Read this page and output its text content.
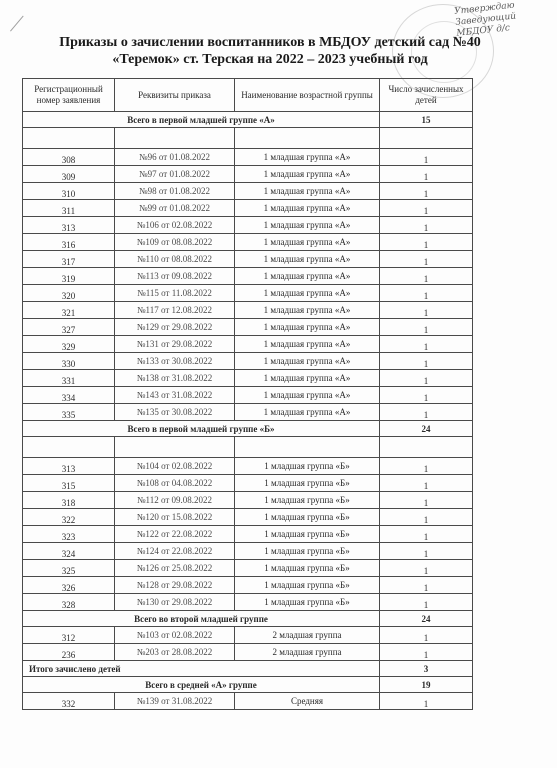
Утверждаю
Заведующий
МБДОУ д/с
Приказы о зачислении воспитанников в МБДОУ детский сад №40
«Теремок» ст. Терская на 2022 – 2023 учебный год
Регистрационный номер заявления	Реквизиты приказа	Наименование возрастной группы	Число зачисленных детей
Всего в первой младшей группе «А»			15

308	№96 от 01.08.2022	1 младшая группа «А»	1
309	№97 от 01.08.2022	1 младшая группа «А»	1
310	№98 от 01.08.2022	1 младшая группа «А»	1
311	№99 от 01.08.2022	1 младшая группа «А»	1
313	№106 от 02.08.2022	1 младшая группа «А»	1
316	№109 от 08.08.2022	1 младшая группа «А»	1
317	№110 от 08.08.2022	1 младшая группа «А»	1
319	№113 от 09.08.2022	1 младшая группа «А»	1
320	№115 от 11.08.2022	1 младшая группа «А»	1
321	№117 от 12.08.2022	1 младшая группа «А»	1
327	№129 от 29.08.2022	1 младшая группа «А»	1
329	№131 от 29.08.2022	1 младшая группа «А»	1
330	№133 от 30.08.2022	1 младшая группа «А»	1
331	№138 от 31.08.2022	1 младшая группа «А»	1
334	№143 от 31.08.2022	1 младшая группа «А»	1
335	№135 от 30.08.2022	1 младшая группа «А»	1
Всего в первой младшей группе «Б»			24

313	№104 от 02.08.2022	1 младшая группа «Б»	1
315	№108 от 04.08.2022	1 младшая группа «Б»	1
318	№112 от 09.08.2022	1 младшая группа «Б»	1
322	№120 от 15.08.2022	1 младшая группа «Б»	1
323	№122 от 22.08.2022	1 младшая группа «Б»	1
324	№124 от 22.08.2022	1 младшая группа «Б»	1
325	№126 от 25.08.2022	1 младшая группа «Б»	1
326	№128 от 29.08.2022	1 младшая группа «Б»	1
328	№130 от 29.08.2022	1 младшая группа «Б»	1
Всего во второй младшей группе			24
312	№103 от 02.08.2022	2 младшая группа	1
236	№203 от 28.08.2022	2 младшая группа	1
Итого зачислено детей			3
Всего в средней «А» группе			19
332	№139 от 31.08.2022	Средняя	1
